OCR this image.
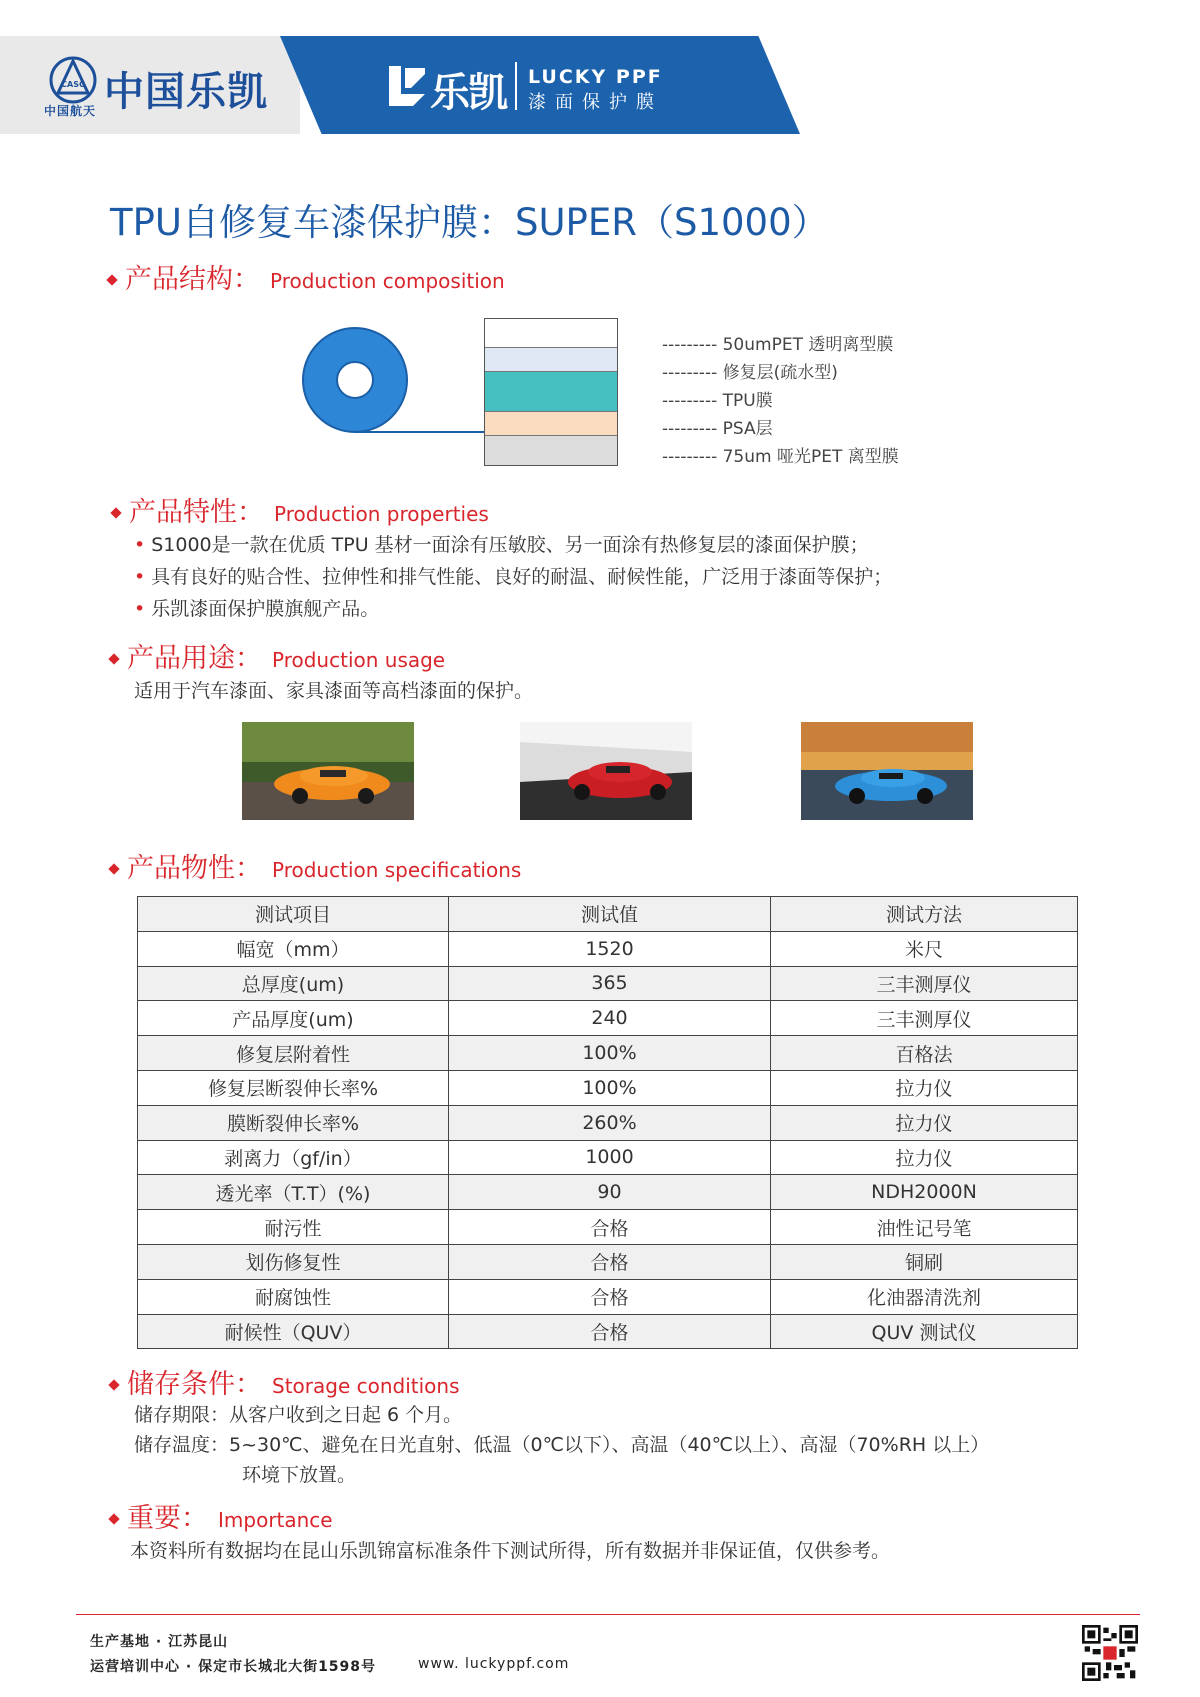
CASC
中国航天 中国乐凯	乐凯 LUCKY PPF
漆面保护膜
TPU自修复车漆保护膜：SUPER（S1000）
产品结构： Production composition
--------- 50umPET 透明离型膜
--------- 修复层(疏水型)
--------- TPU膜
--------- PSA层
--------- 75um 哑光PET 离型膜
产品特性： Production properties
• S1000是一款在优质 TPU 基材一面涂有压敏胶、另一面涂有热修复层的漆面保护膜；
• 具有良好的贴合性、拉伸性和排气性能、良好的耐温、耐候性能，广泛用于漆面等保护；
• 乐凯漆面保护膜旗舰产品。
产品用途： Production usage
适用于汽车漆面、家具漆面等高档漆面的保护。
产品物性： Production specifications
测试项目	测试值	测试方法
幅宽（mm）	1520	米尺
总厚度(um)	365	三丰测厚仪
产品厚度(um)	240	三丰测厚仪
修复层附着性	100%	百格法
修复层断裂伸长率%	100%	拉力仪
膜断裂伸长率%	260%	拉力仪
剥离力（gf/in）	1000	拉力仪
透光率（T.T）(%)	90	NDH2000N
耐污性	合格	油性记号笔
划伤修复性	合格	铜刷
耐腐蚀性	合格	化油器清洗剂
耐候性（QUV）	合格	QUV 测试仪
储存条件： Storage conditions
储存期限：从客户收到之日起 6 个月。
储存温度：5~30℃、避免在日光直射、低温（0℃以下）、高温（40℃以上）、高湿（70%RH 以上）
环境下放置。
重要： Importance
本资料所有数据均在昆山乐凯锦富标准条件下测试所得，所有数据并非保证值，仅供参考。
生产基地 · 江苏昆山
运营培训中心 · 保定市长城北大街1598号	www. luckyppf.com
